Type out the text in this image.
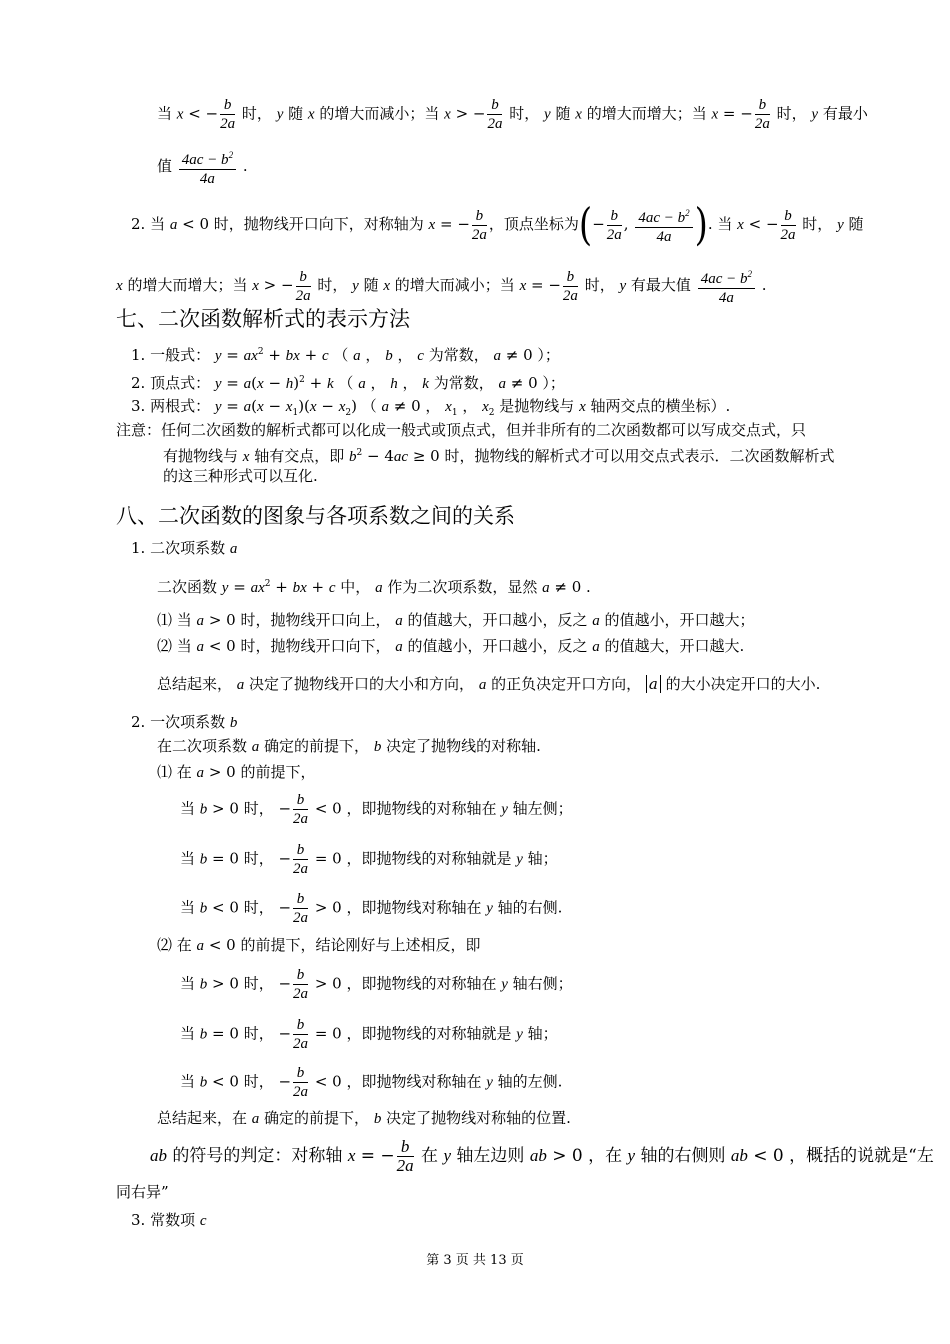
当 x < − $\frac{b}{2a}$ 时， y 随 x 的增大而减小；当 x > − $\frac{b}{2a}$ 时， y 随 x 的增大而增大；当 x = − $\frac{b}{2a}$ 时， y 有最小
值 $\frac{4ac - b^2}{4a}$ .
2. 当 a < 0 时，抛物线开口向下，对称轴为 x = − $\frac{b}{2a}$ ，顶点坐标为(− $\frac{b}{2a}$ , $\frac{4ac - b^2}{4a}$ ). 当 x < − $\frac{b}{2a}$ 时， y 随
x 的增大而增大；当 x > − $\frac{b}{2a}$ 时， y 随 x 的增大而减小；当 x = − $\frac{b}{2a}$ 时， y 有最大值 $\frac{4ac - b^2}{4a}$ .
七、二次函数解析式的表示方法
1. 一般式： $y = ax^2$ + bx + c （ a ， b ， c 为常数， a ≠ 0 ）；
2. 顶点式： $y = a(x - h)^2 + k$ （ a ， h ， k 为常数， a ≠ 0 ）；
3. 两根式： $y = a(x - x_1)(x - x_2)$ （ a ≠ 0 ， $x_1$ ， $x_2$ 是抛物线与 x 轴两交点的横坐标）.
注意：任何二次函数的解析式都可以化成一般式或顶点式，但并非所有的二次函数都可以写成交点式，只
有抛物线与 x 轴有交点，即 $b^2 - 4ac \ge 0$ 时，抛物线的解析式才可以用交点式表示．二次函数解析式
的这三种形式可以互化.
八、二次函数的图象与各项系数之间的关系
1. 二次项系数 a
二次函数 $y = ax^2$ + bx + c 中， a 作为二次项系数，显然 a ≠ 0 .
⑴ 当 a > 0 时，抛物线开口向上， a 的值越大，开口越小，反之 a 的值越小，开口越大；
⑵ 当 a < 0 时，抛物线开口向下， a 的值越小，开口越小，反之 a 的值越大，开口越大.
总结起来， a 决定了抛物线开口的大小和方向， a 的正负决定开口方向， a 的大小决定开口的大小.
2. 一次项系数 b
在二次项系数 a 确定的前提下， b 决定了抛物线的对称轴.
⑴ 在 a > 0 的前提下，
当 b > 0 时， − $\frac{b}{2a} < 0$ ，即抛物线的对称轴在 y 轴左侧；
当 b = 0 时， − $\frac{b}{2a} = 0$ ，即抛物线的对称轴就是 y 轴；
当 b < 0 时， − $\frac{b}{2a} > 0$ ，即抛物线对称轴在 y 轴的右侧.
⑵ 在 a < 0 的前提下，结论刚好与上述相反，即
当 b > 0 时， − $\frac{b}{2a} > 0$ ，即抛物线的对称轴在 y 轴右侧；
当 b = 0 时， − $\frac{b}{2a} = 0$ ，即抛物线的对称轴就是 y 轴；
当 b < 0 时， − $\frac{b}{2a} < 0$ ，即抛物线对称轴在 y 轴的左侧.
总结起来，在 a 确定的前提下， b 决定了抛物线对称轴的位置.
ab 的符号的判定：对称轴 x = − $\frac{b}{2a}$ 在 y 轴左边则 ab > 0 ，在 y 轴的右侧则 ab < 0 ，概括的说就是“左
同右异”
3. 常数项 c
第 3 页 共 13 页
